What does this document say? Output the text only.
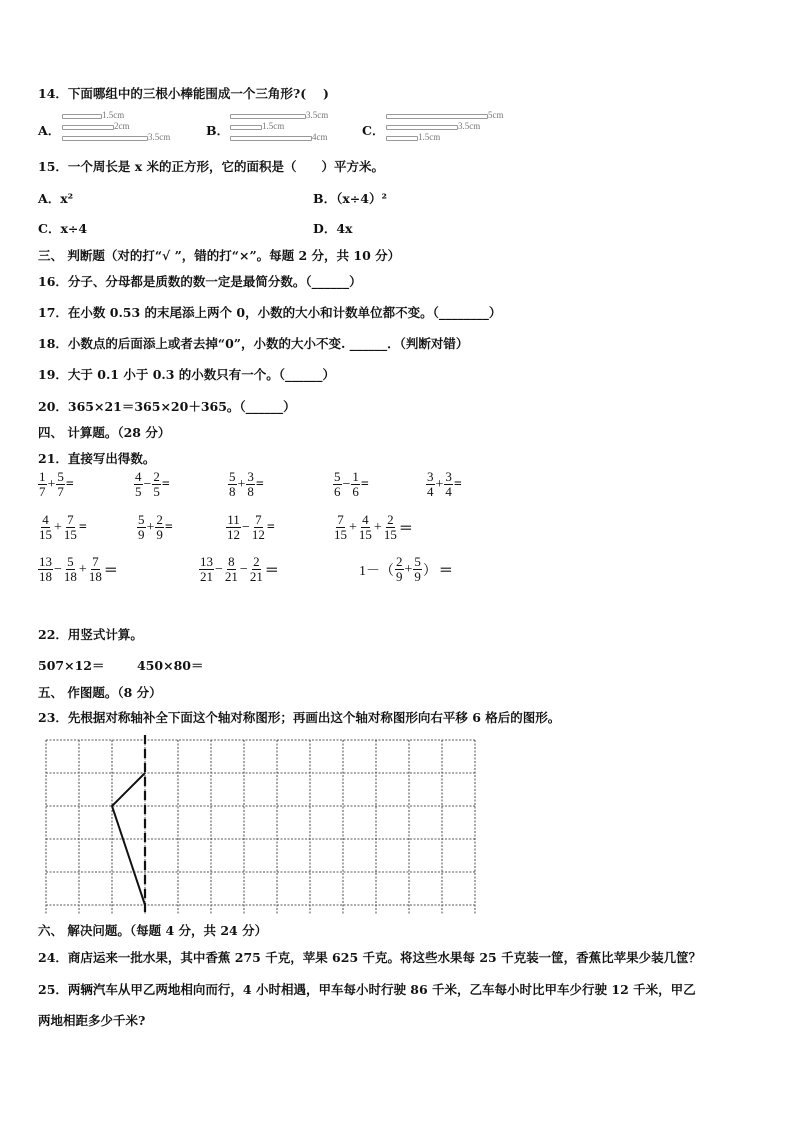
14．下面哪组中的三根小棒能围成一个三角形?(　 )
A．
1.5cm
2cm
3.5cm	B．
3.5cm
1.5cm
4cm	C．
5cm
3.5cm
1.5cm
15．一个周长是 x 米的正方形，它的面积是（　　）平方米。
A．x²	B．（x÷4）²
C．x÷4	D．4x
三、 判断题（对的打“√ ”，错的打“×”。每题 2 分，共 10 分）
16．分子、分母都是质数的数一定是最简分数。（______）
17．在小数 0.53 的末尾添上两个 0，小数的大小和计数单位都不变。（________）
18．小数点的后面添上或者去掉“0”，小数的大小不变. ______．（判断对错）
19．大于 0.1 小于 0.3 的小数只有一个。（______）
20．365×21＝365×20＋365。（______）
四、 计算题。（28 分）
21．直接写出得数。
$\frac{1}{7} + \frac{5}{7}$ =	$\frac{4}{5} - \frac{2}{5}$ =	$\frac{5}{8} + \frac{3}{8}$ =	$\frac{5}{6} - \frac{1}{6}$ =	$\frac{3}{4} + \frac{3}{4}$ =
$\frac{4}{15} + \frac{7}{15}$ =	$\frac{5}{9} + \frac{2}{9}$ =	$\frac{11}{12} - \frac{7}{12}$ =	$\frac{7}{15} + \frac{4}{15} + \frac{2}{15}$ ＝
$\frac{13}{18} - \frac{5}{18} + \frac{7}{18}$ ＝	$\frac{13}{21} - \frac{8}{21} - \frac{2}{21}$ ＝	$1-( \frac{2}{9} + \frac{5}{9}$ ） ＝
22．用竖式计算。
507×12＝	450×80＝
五、 作图题。（8 分）
23．先根据对称轴补全下面这个轴对称图形；再画出这个轴对称图形向右平移 6 格后的图形。
六、 解决问题。（每题 4 分，共 24 分）
24．商店运来一批水果，其中香蕉 275 千克，苹果 625 千克。将这些水果每 25 千克装一筐，香蕉比苹果少装几筐？
25．两辆汽车从甲乙两地相向而行，4 小时相遇，甲车每小时行驶 86 千米，乙车每小时比甲车少行驶 12 千米，甲乙
两地相距多少千米?
